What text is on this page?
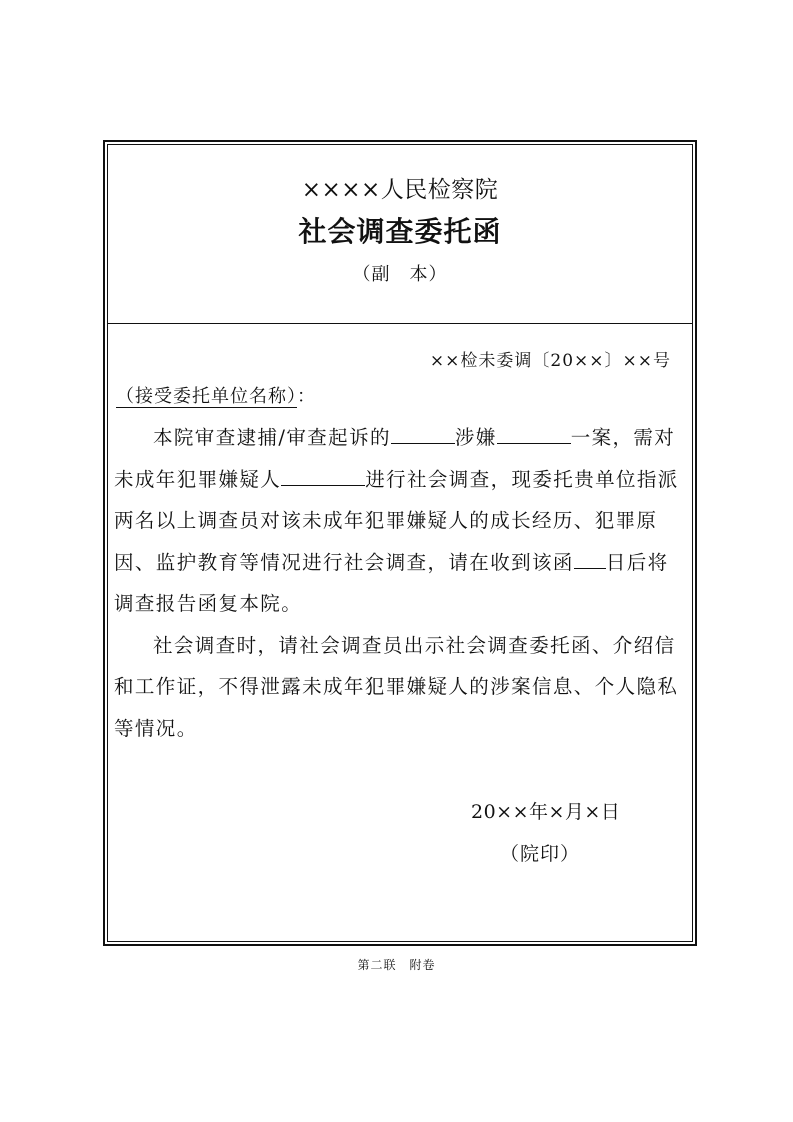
××××人民检察院
社会调查委托函
（副　本）
××检未委调〔20××〕××号
（接受委托单位名称）：

本院审查逮捕/审查起诉的	涉嫌	一案，需对未成年犯罪嫌疑人	进行社会调查，现委托贵单位指派两名以上调查员对该未成年犯罪嫌疑人的成长经历、犯罪原因、监护教育等情况进行社会调查，请在收到该函 日后将调查报告函复本院。

社会调查时，请社会调查员出示社会调查委托函、介绍信和工作证，不得泄露未成年犯罪嫌疑人的涉案信息、个人隐私等情况。

20××年×月×日
（院印）
第二联　附卷
